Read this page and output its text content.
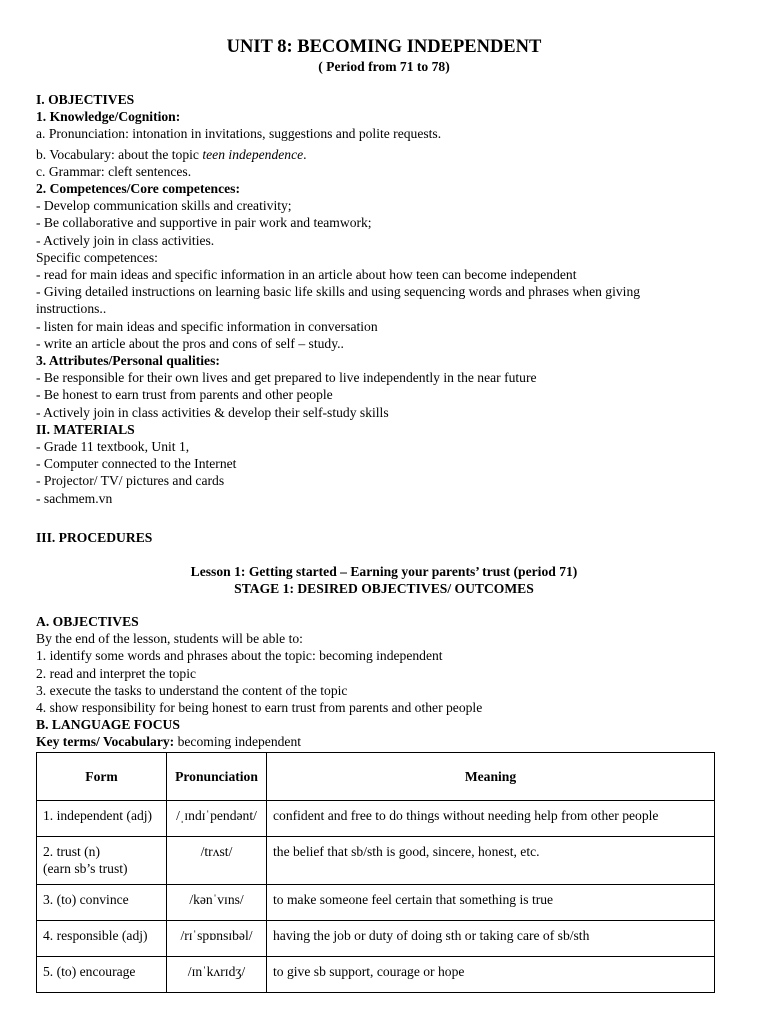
UNIT 8: BECOMING INDEPENDENT
( Period from 71 to 78)
I. OBJECTIVES
1. Knowledge/Cognition:
a. Pronunciation: intonation in invitations, suggestions and polite requests.
b. Vocabulary: about the topic teen independence.
c. Grammar: cleft sentences.
2. Competences/Core competences:
- Develop communication skills and creativity;
- Be collaborative and supportive in pair work and teamwork;
- Actively join in class activities.
Specific competences:
- read for main ideas and specific information in an article about how teen can become independent
- Giving detailed instructions on learning basic life skills and using sequencing words and phrases when giving
instructions..
- listen for main ideas and specific information in conversation
- write an article about the pros and cons of self – study..
3. Attributes/Personal qualities:
- Be responsible for their own lives and get prepared to live independently in the near future
- Be honest to earn trust from parents and other people
- Actively join in class activities & develop their self-study skills
II. MATERIALS
- Grade 11 textbook, Unit 1,
- Computer connected to the Internet
- Projector/ TV/ pictures and cards
- sachmem.vn
III. PROCEDURES
Lesson 1: Getting started – Earning your parents’ trust (period 71)
STAGE 1: DESIRED OBJECTIVES/ OUTCOMES
A. OBJECTIVES
By the end of the lesson, students will be able to:
1. identify some words and phrases about the topic: becoming independent
2. read and interpret the topic
3. execute the tasks to understand the content of the topic
4. show responsibility for being honest to earn trust from parents and other people
B. LANGUAGE FOCUS
Key terms/ Vocabulary: becoming independent
Form	Pronunciation	Meaning
1. independent (adj)	/ˌɪndɪˈpendənt/	confident and free to do things without needing help from other people

2. trust (n)
(earn sb’s trust)	/trʌst/	the belief that sb/sth is good, sincere, honest, etc.
3. (to) convince	/kənˈvɪns/	to make someone feel certain that something is true
4. responsible (adj)	/rɪˈspɒnsɪbəl/	having the job or duty of doing sth or taking care of sb/sth
5. (to) encourage	/ɪnˈkʌrɪdʒ/	to give sb support, courage or hope
